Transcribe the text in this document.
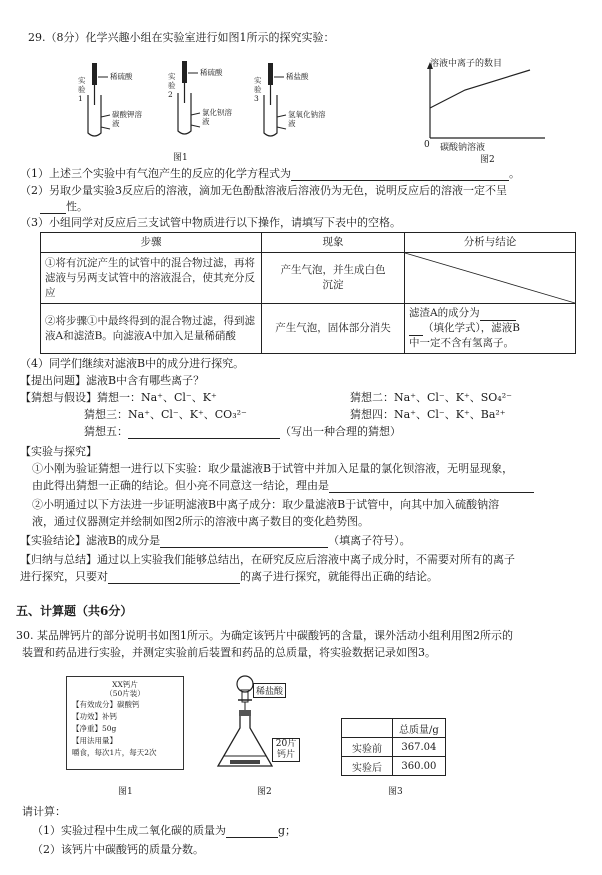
29.（8分）化学兴趣小组在实验室进行如图1所示的探究实验：
实验1
稀硫酸
碳酸钾溶液
实验2
稀硫酸
氯化钡溶液
实验3
稀盐酸
氢氧化钠溶液
图1
溶液中离子的数目
0 碳酸钠溶液
图2
（1）上述三个实验中有气泡产生的反应的化学方程式为	。
（2）另取少量实验3反应后的溶液，滴加无色酚酞溶液后溶液仍为无色，说明反应后的溶液一定不呈
性。
（3）小组同学对反应后三支试管中物质进行以下操作，请填写下表中的空格。
步骤	现象	分析与结论
①将有沉淀产生的试管中的混合物过滤，再将滤液与另两支试管中的溶液混合，使其充分反应	产生气泡，并生成白色沉淀	

②将步骤①中最终得到的混合物过滤，得到滤液A和滤渣B。向滤液A中加入足量稀硝酸	产生气泡，固体部分消失	滤渣A的成分为
（填化学式），滤液B
中一定不含有氢离子。
（4）同学们继续对滤液B中的成分进行探究。
【提出问题】滤液B中含有哪些离子？
【猜想与假设】猜想一：Na⁺、Cl⁻、K⁺	猜想二：Na⁺、Cl⁻、K⁺、SO₄²⁻
猜想三：Na⁺、Cl⁻、K⁺、CO₃²⁻	猜想四：Na⁺、Cl⁻、K⁺、Ba²⁺
猜想五：	（写出一种合理的猜想）
【实验与探究】
①小刚为验证猜想一进行以下实验：取少量滤液B于试管中并加入足量的氯化钡溶液，无明显现象，
由此得出猜想一正确的结论。但小亮不同意这一结论，理由是
②小明通过以下方法进一步证明滤液B中离子成分：取少量滤液B于试管中，向其中加入硫酸钠溶
液，通过仪器测定并绘制如图2所示的溶液中离子数目的变化趋势图。
【实验结论】滤液B的成分是	（填离子符号）。
【归纳与总结】通过以上实验我们能够总结出，在研究反应后溶液中离子成分时，不需要对所有的离子
进行探究，只要对	的离子进行探究，就能得出正确的结论。
五、计算题（共6分）
30. 某品牌钙片的部分说明书如图1所示。为确定该钙片中碳酸钙的含量，课外活动小组利用图2所示的
装置和药品进行实验，并测定实验前后装置和药品的总质量，将实验数据记录如图3。
XX钙片
（50片装）
【有效成分】碳酸钙
【功效】补钙
【净重】50g
【用法用量】
嚼食，每次1片，每天2次
图1
稀盐酸
20片钙片
图2
	总质量/g
实验前	367.04
实验后	360.00
图3
请计算：
（1）实验过程中生成二氧化碳的质量为	g；
（2）该钙片中碳酸钙的质量分数。
